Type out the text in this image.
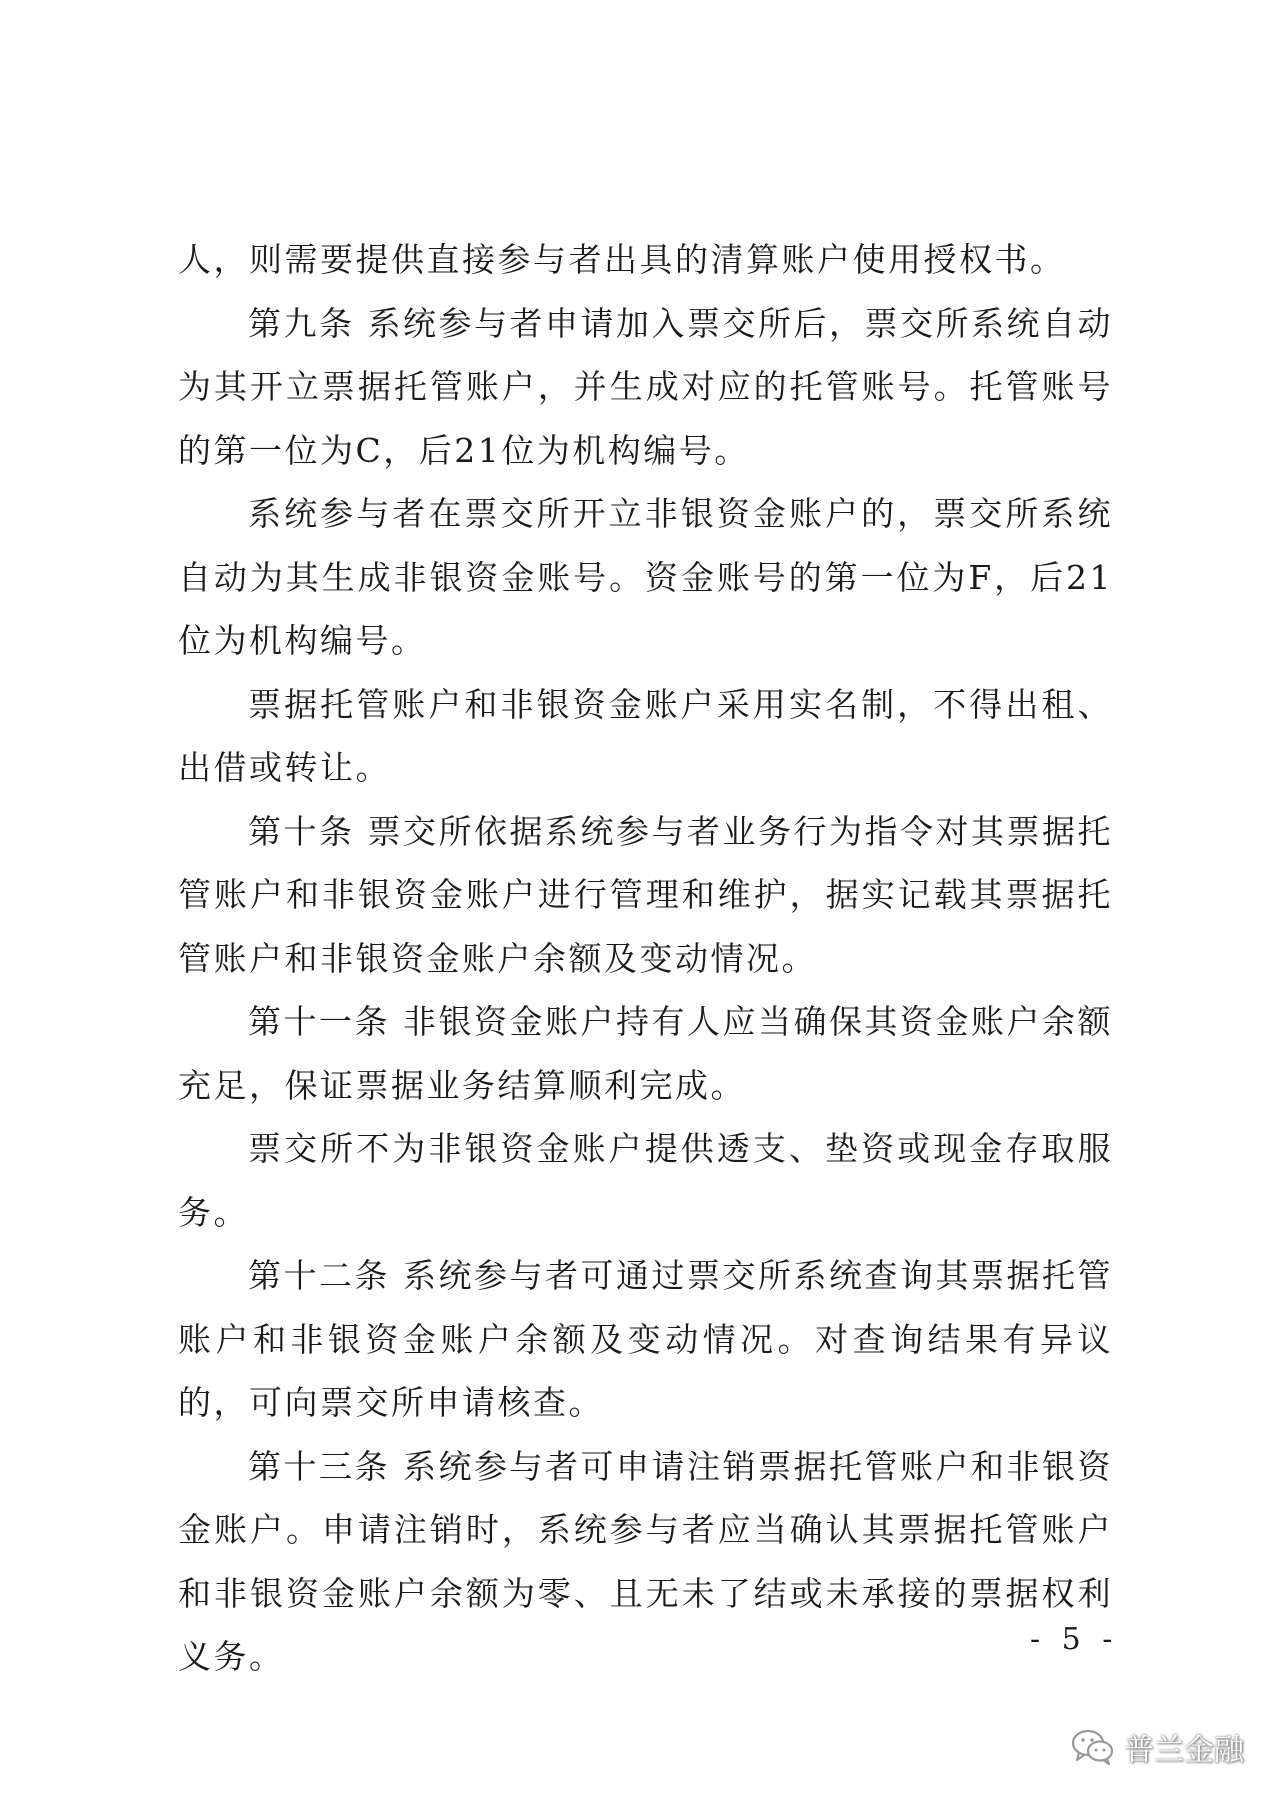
人，则需要提供直接参与者出具的清算账户使用授权书。

第九条 系统参与者申请加入票交所后，票交所系统自动为其开立票据托管账户，并生成对应的托管账号。托管账号的第一位为C，后21位为机构编号。

系统参与者在票交所开立非银资金账户的，票交所系统自动为其生成非银资金账号。资金账号的第一位为F，后21位为机构编号。

票据托管账户和非银资金账户采用实名制，不得出租、出借或转让。

第十条 票交所依据系统参与者业务行为指令对其票据托管账户和非银资金账户进行管理和维护，据实记载其票据托管账户和非银资金账户余额及变动情况。

第十一条 非银资金账户持有人应当确保其资金账户余额充足，保证票据业务结算顺利完成。

票交所不为非银资金账户提供透支、垫资或现金存取服务。

第十二条 系统参与者可通过票交所系统查询其票据托管账户和非银资金账户余额及变动情况。对查询结果有异议的，可向票交所申请核查。

第十三条 系统参与者可申请注销票据托管账户和非银资金账户。申请注销时，系统参与者应当确认其票据托管账户和非银资金账户余额为零、且无未了结或未承接的票据权利义务。	- 5 -
普兰金融
